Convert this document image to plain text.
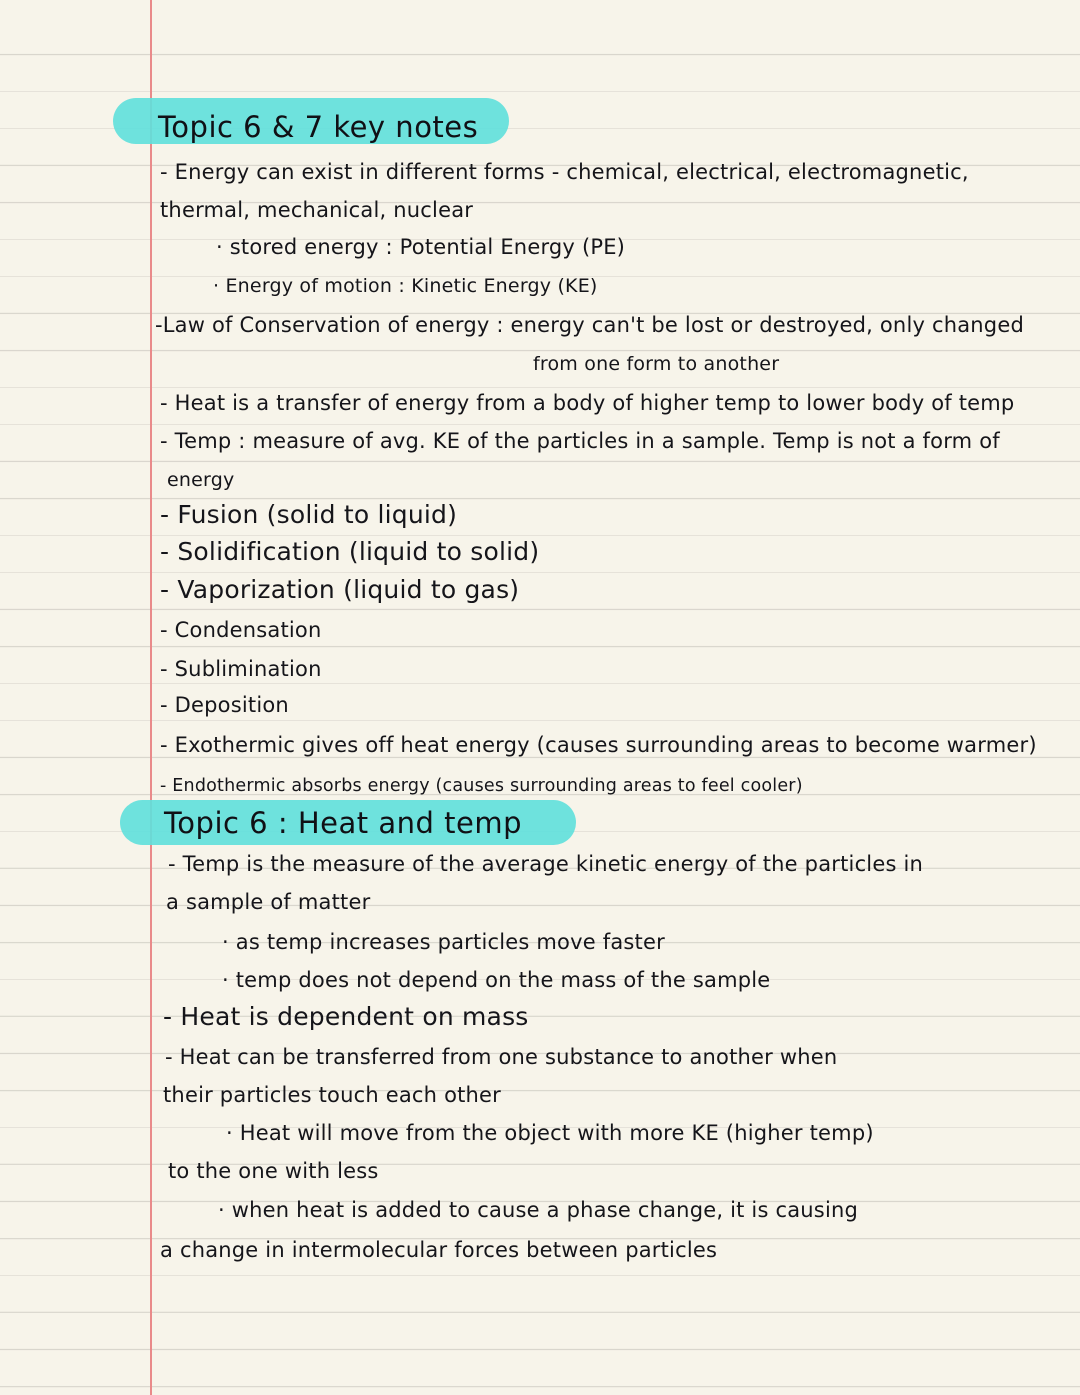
Topic 6 & 7 key notes
- Energy can exist in different forms - chemical, electrical, electromagnetic,
thermal, mechanical, nuclear
· stored energy : Potential Energy (PE)
· Energy of motion : Kinetic Energy (KE)
-Law of Conservation of energy : energy can't be lost or destroyed, only changed
from one form to another
- Heat is a transfer of energy from a body of higher temp to lower body of temp
- Temp : measure of avg. KE of the particles in a sample. Temp is not a form of
energy
- Fusion (solid to liquid)
- Solidification (liquid to solid)
- Vaporization (liquid to gas)
- Condensation
- Sublimination
- Deposition
- Exothermic gives off heat energy (causes surrounding areas to become warmer)
- Endothermic absorbs energy (causes surrounding areas to feel cooler)
Topic 6 : Heat and temp
- Temp is the measure of the average kinetic energy of the particles in
a sample of matter
· as temp increases particles move faster
· temp does not depend on the mass of the sample
- Heat is dependent on mass
- Heat can be transferred from one substance to another when
their particles touch each other
· Heat will move from the object with more KE (higher temp)
to the one with less
· when heat is added to cause a phase change, it is causing
a change in intermolecular forces between particles
